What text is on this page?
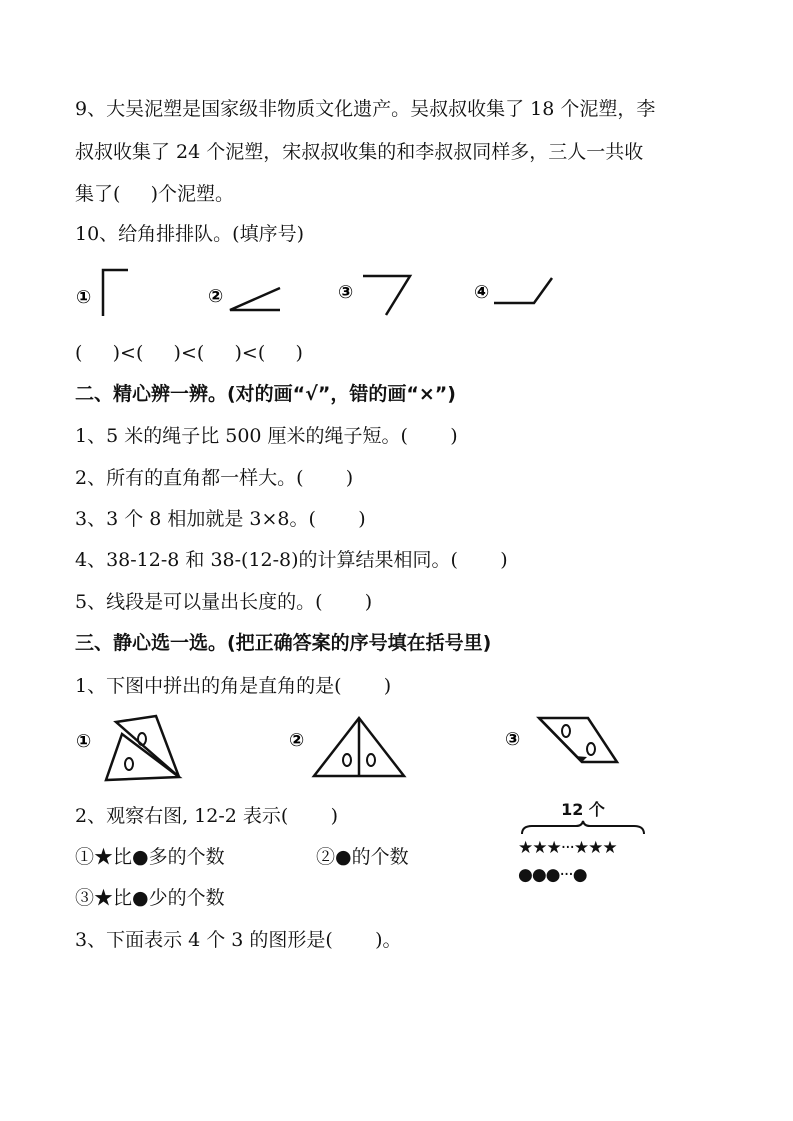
9、大吴泥塑是国家级非物质文化遗产。吴叔叔收集了 18 个泥塑，李
叔叔收集了 24 个泥塑，宋叔叔收集的和李叔叔同样多，三人一共收
集了(     )个泥塑。
10、给角排排队。(填序号)
①	②	③	④
(     )<(     )<(     )<(     )
二、精心辨一辨。(对的画“√”，错的画“×”)
1、5 米的绳子比 500 厘米的绳子短。(       )
2、所有的直角都一样大。(       )
3、3 个 8 相加就是 3×8。(       )
4、38-12-8 和 38-(12-8)的计算结果相同。(       )
5、线段是可以量出长度的。(       )
三、静心选一选。(把正确答案的序号填在括号里)
1、下图中拼出的角是直角的是(       )
①	②	③
2、观察右图, 12-2 表示(       )
①★比●多的个数	②●的个数
③★比●少的个数
12 个
★★★···★★★
●●●···●
3、下面表示 4 个 3 的图形是(       )。
